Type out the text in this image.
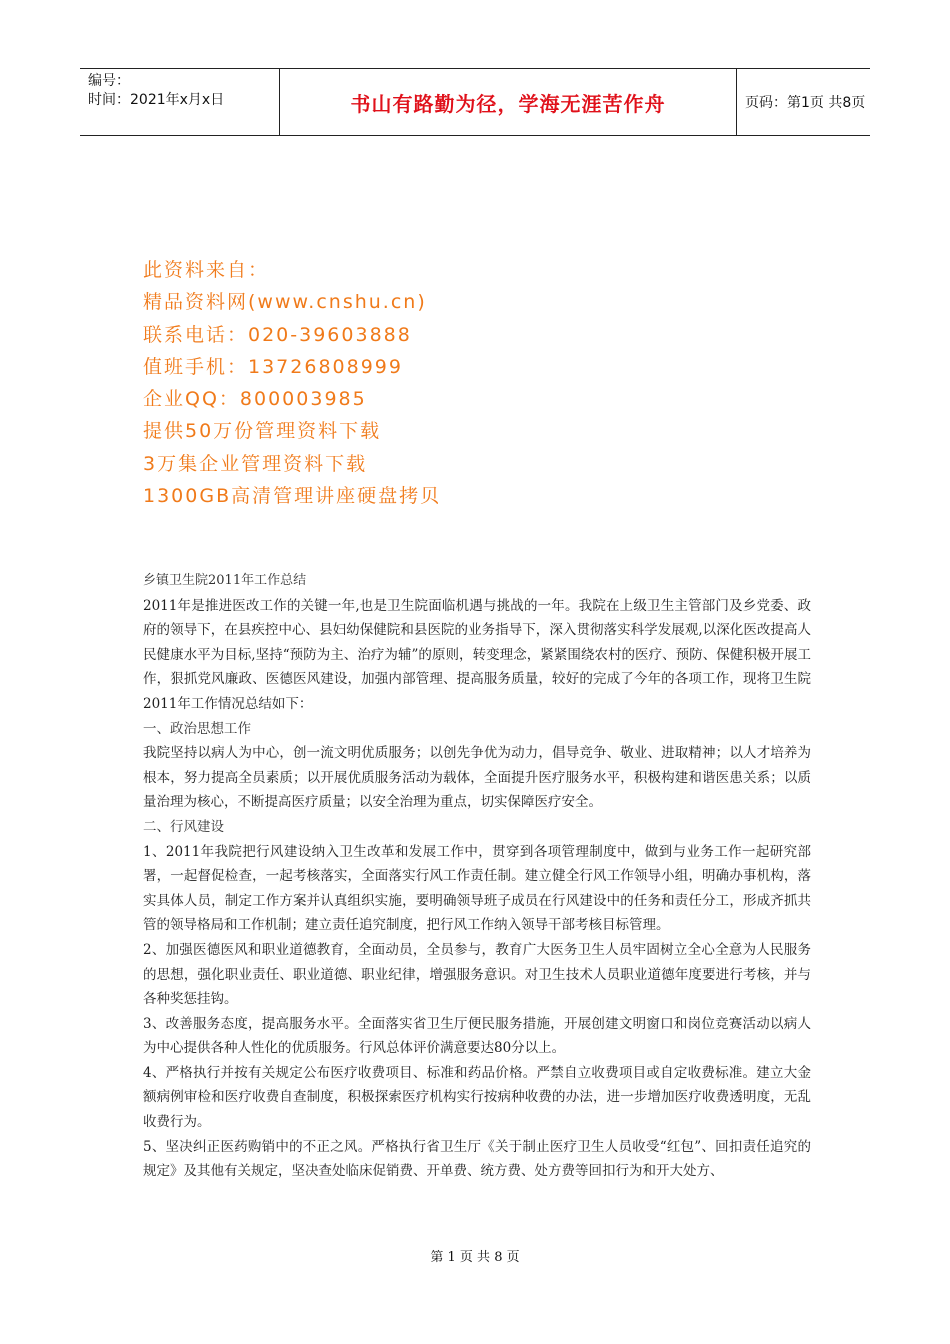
编号：
时间：2021年x月x日	书山有路勤为径，学海无涯苦作舟	页码：第1页 共8页
此资料来自：
精品资料网(www.cnshu.cn)
联系电话：020-39603888
值班手机：13726808999
企业QQ：800003985
提供50万份管理资料下载
3万集企业管理资料下载
1300GB高清管理讲座硬盘拷贝

乡镇卫生院2011年工作总结

2011年是推进医改工作的关键一年,也是卫生院面临机遇与挑战的一年。我院在上级卫生主管部门及乡党委、政府的领导下，在县疾控中心、县妇幼保健院和县医院的业务指导下，深入贯彻落实科学发展观,以深化医改提高人民健康水平为目标,坚持“预防为主、治疗为辅”的原则，转变理念，紧紧围绕农村的医疗、预防、保健积极开展工作，狠抓党风廉政、医德医风建设，加强内部管理、提高服务质量，较好的完成了今年的各项工作，现将卫生院2011年工作情况总结如下：

一、政治思想工作

我院坚持以病人为中心，创一流文明优质服务；以创先争优为动力，倡导竞争、敬业、进取精神；以人才培养为根本，努力提高全员素质；以开展优质服务活动为载体，全面提升医疗服务水平，积极构建和谐医患关系；以质量治理为核心，不断提高医疗质量；以安全治理为重点，切实保障医疗安全。

二、行风建设

1、2011年我院把行风建设纳入卫生改革和发展工作中，贯穿到各项管理制度中，做到与业务工作一起研究部署，一起督促检查，一起考核落实，全面落实行风工作责任制。建立健全行风工作领导小组，明确办事机构，落实具体人员，制定工作方案并认真组织实施，要明确领导班子成员在行风建设中的任务和责任分工，形成齐抓共管的领导格局和工作机制；建立责任追究制度，把行风工作纳入领导干部考核目标管理。

2、加强医德医风和职业道德教育，全面动员，全员参与，教育广大医务卫生人员牢固树立全心全意为人民服务的思想，强化职业责任、职业道德、职业纪律，增强服务意识。对卫生技术人员职业道德年度要进行考核，并与各种奖惩挂钩。

3、改善服务态度，提高服务水平。全面落实省卫生厅便民服务措施，开展创建文明窗口和岗位竞赛活动以病人为中心提供各种人性化的优质服务。行风总体评价满意要达80分以上。

4、严格执行并按有关规定公布医疗收费项目、标准和药品价格。严禁自立收费项目或自定收费标准。建立大金额病例审检和医疗收费自查制度，积极探索医疗机构实行按病种收费的办法，进一步增加医疗收费透明度，无乱收费行为。

5、坚决纠正医药购销中的不正之风。严格执行省卫生厅《关于制止医疗卫生人员收受“红包”、回扣责任追究的规定》及其他有关规定，坚决查处临床促销费、开单费、统方费、处方费等回扣行为和开大处方、

第 1 页 共 8 页
